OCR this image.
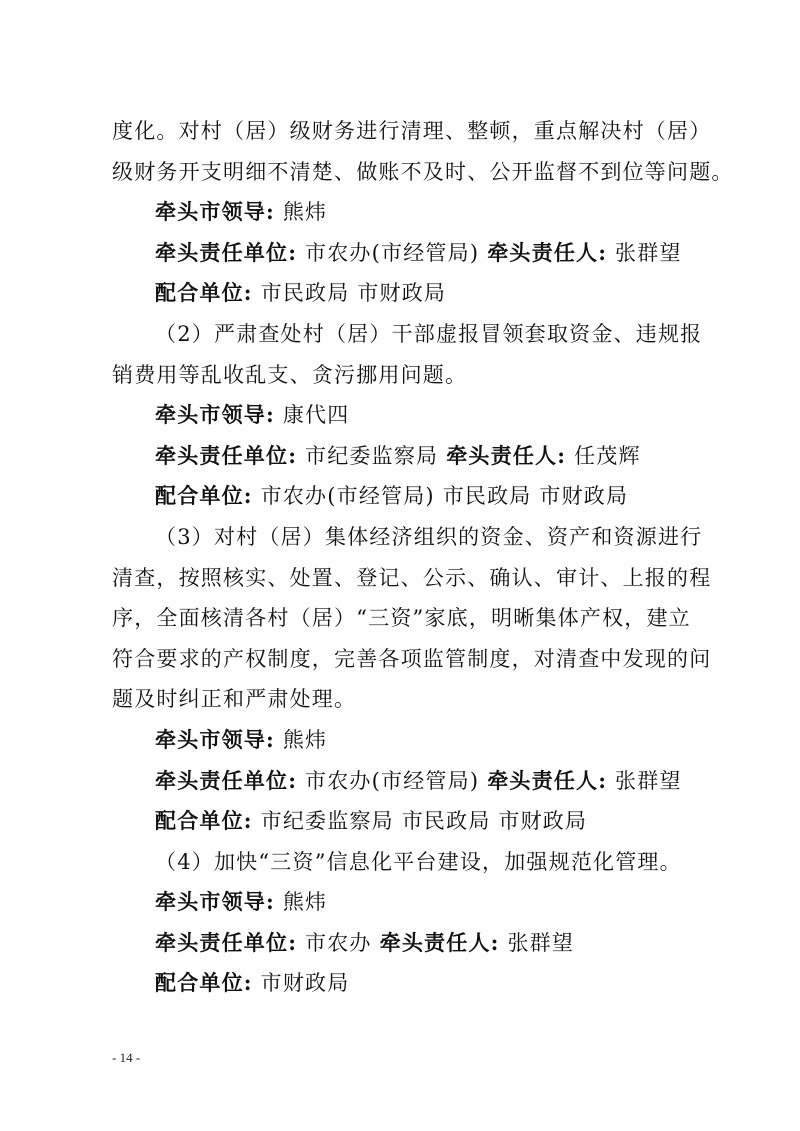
度化。对村（居）级财务进行清理、整顿，重点解决村（居）
级财务开支明细不清楚、做账不及时、公开监督不到位等问题。
牵头市领导: 熊炜
牵头责任单位: 市农办(市经管局) 牵头责任人: 张群望
配合单位: 市民政局 市财政局
（2）严肃查处村（居）干部虚报冒领套取资金、违规报
销费用等乱收乱支、贪污挪用问题。
牵头市领导: 康代四
牵头责任单位: 市纪委监察局 牵头责任人: 任茂辉
配合单位: 市农办(市经管局) 市民政局 市财政局
（3）对村（居）集体经济组织的资金、资产和资源进行
清查，按照核实、处置、登记、公示、确认、审计、上报的程
序，全面核清各村（居）“三资”家底，明晰集体产权，建立
符合要求的产权制度，完善各项监管制度，对清查中发现的问
题及时纠正和严肃处理。
牵头市领导: 熊炜
牵头责任单位: 市农办(市经管局) 牵头责任人: 张群望
配合单位: 市纪委监察局 市民政局 市财政局
（4）加快“三资”信息化平台建设，加强规范化管理。
牵头市领导: 熊炜
牵头责任单位: 市农办 牵头责任人: 张群望
配合单位: 市财政局
- 14 -
